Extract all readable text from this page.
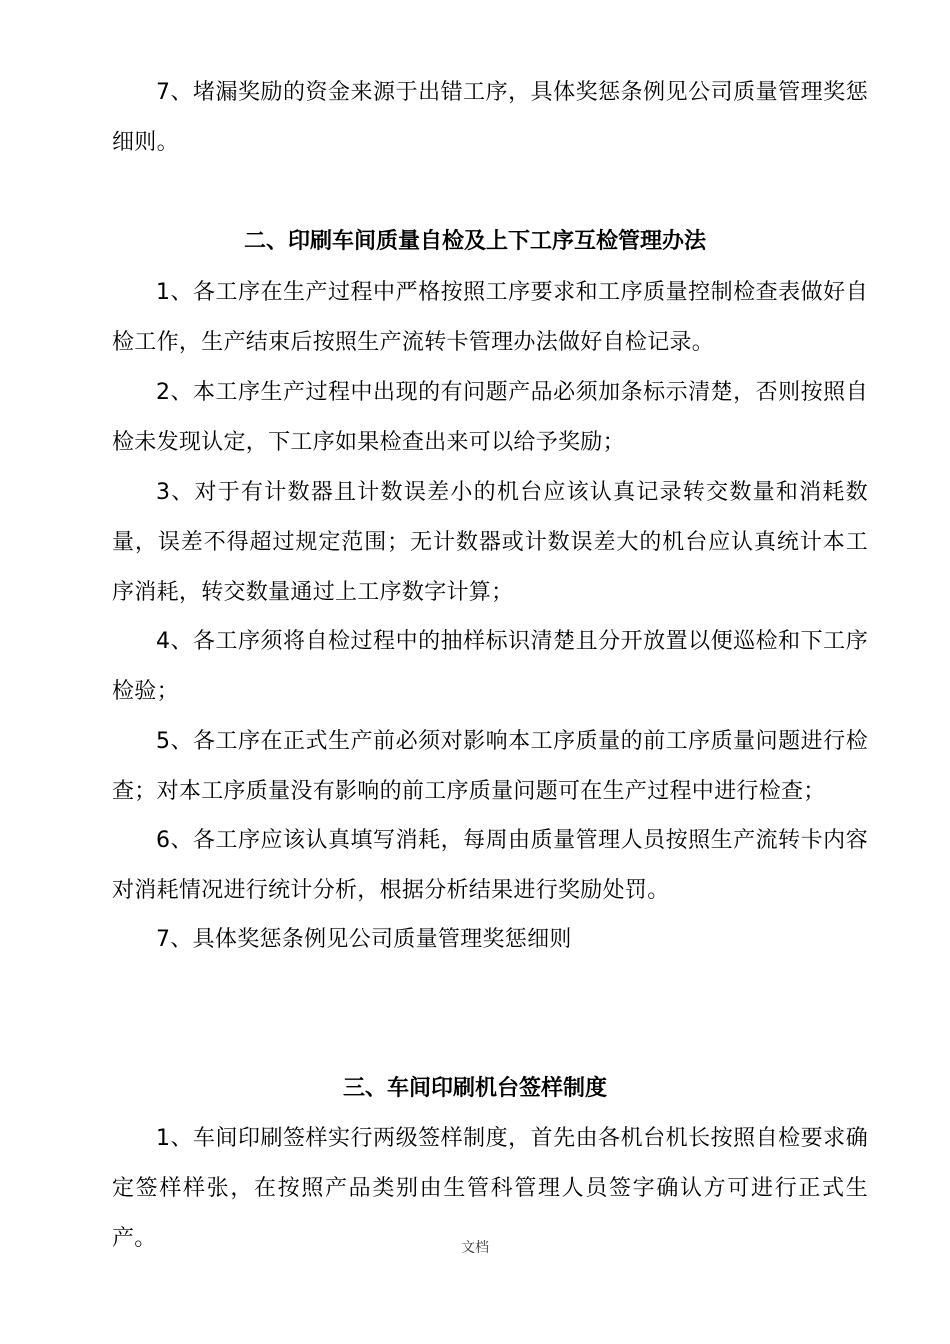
7、堵漏奖励的资金来源于出错工序，具体奖惩条例见公司质量管理奖惩细则。

二、印刷车间质量自检及上下工序互检管理办法

1、各工序在生产过程中严格按照工序要求和工序质量控制检查表做好自检工作，生产结束后按照生产流转卡管理办法做好自检记录。

2、本工序生产过程中出现的有问题产品必须加条标示清楚，否则按照自检未发现认定，下工序如果检查出来可以给予奖励；

3、对于有计数器且计数误差小的机台应该认真记录转交数量和消耗数量，误差不得超过规定范围；无计数器或计数误差大的机台应认真统计本工序消耗，转交数量通过上工序数字计算；

4、各工序须将自检过程中的抽样标识清楚且分开放置以便巡检和下工序检验；

5、各工序在正式生产前必须对影响本工序质量的前工序质量问题进行检查；对本工序质量没有影响的前工序质量问题可在生产过程中进行检查；

6、各工序应该认真填写消耗，每周由质量管理人员按照生产流转卡内容对消耗情况进行统计分析，根据分析结果进行奖励处罚。

7、具体奖惩条例见公司质量管理奖惩细则

三、车间印刷机台签样制度

1、车间印刷签样实行两级签样制度，首先由各机台机长按照自检要求确定签样样张，在按照产品类别由生管科管理人员签字确认方可进行正式生产。	文档
